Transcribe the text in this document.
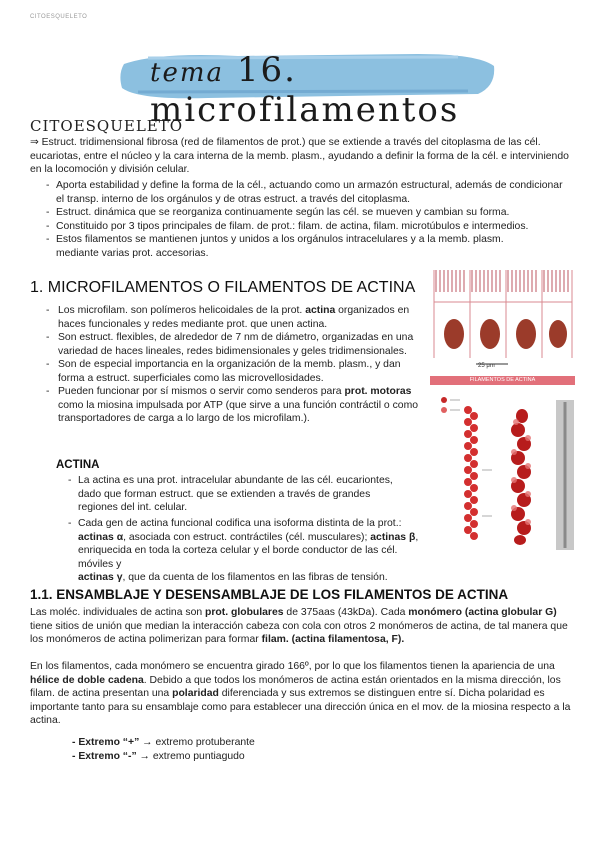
CITOESQUELETO
tema 16. microfilamentos
CITOESQUELETO
⇒ Estruct. tridimensional fibrosa (red de filamentos de prot.) que se extiende a través del citoplasma de las cél. eucariotas, entre el núcleo y la cara interna de la memb. plasm., ayudando a definir la forma de la cél. e interviniendo en la locomoción y división celular.
- Aporta estabilidad y define la forma de la cél., actuando como un armazón estructural, además de condicionar el transp. interno de los orgánulos y de otras estruct. a través del citoplasma.
- Estruct. dinámica que se reorganiza continuamente según las cél. se mueven y cambian su forma.
- Constituido por 3 tipos principales de filam. de prot.: filam. de actina, filam. microtúbulos e intermedios.
- Estos filamentos se mantienen juntos y unidos a los orgánulos intracelulares y a la memb. plasm. mediante varias prot. accesorias.
1. MICROFILAMENTOS O FILAMENTOS DE ACTINA
- Los microfilam. son polímeros helicoidales de la prot. actina organizados en haces funcionales y redes mediante prot. que unen actina.
- Son estruct. flexibles, de alrededor de 7 nm de diámetro, organizadas en una variedad de haces lineales, redes bidimensionales y geles tridimensionales.
- Son de especial importancia en la organización de la memb. plasm., y dan forma a estruct. superficiales como las microvellosidades.
- Pueden funcionar por sí mismos o servir como senderos para prot. motoras como la miosina impulsada por ATP (que sirve a una función contráctil o como transportadores de carga a lo largo de los microfilam.).
25 μm
FILAMENTOS DE ACTINA
ACTINA
- La actina es una prot. intracelular abundante de las cél. eucariontes, dado que forman estruct. que se extienden a través de grandes regiones del int. celular.
- Cada gen de actina funcional codifica una isoforma distinta de la prot.: actinas α, asociada con estruct. contráctiles (cél. musculares); actinas β, enriquecida en toda la corteza celular y el borde conductor de las cél. móviles y
actinas γ, que da cuenta de los filamentos en las fibras de tensión.
1.1. ENSAMBLAJE Y DESENSAMBLAJE DE LOS FILAMENTOS DE ACTINA
Las moléc. individuales de actina son prot. globulares de 375aas (43kDa). Cada monómero (actina globular G) tiene sitios de unión que median la interacción cabeza con cola con otros 2 monómeros de actina, de tal manera que los monómeros de actina polimerizan para formar filam. (actina filamentosa, F).
En los filamentos, cada monómero se encuentra girado 166º, por lo que los filamentos tienen la apariencia de una hélice de doble cadena. Debido a que todos los monómeros de actina están orientados en la misma dirección, los filam. de actina presentan una polaridad diferenciada y sus extremos se distinguen entre sí. Dicha polaridad es importante tanto para su ensamblaje como para establecer una dirección única en el mov. de la miosina respecto a la actina.
- Extremo “+” → extremo protuberante
- Extremo “-” → extremo puntiagudo
